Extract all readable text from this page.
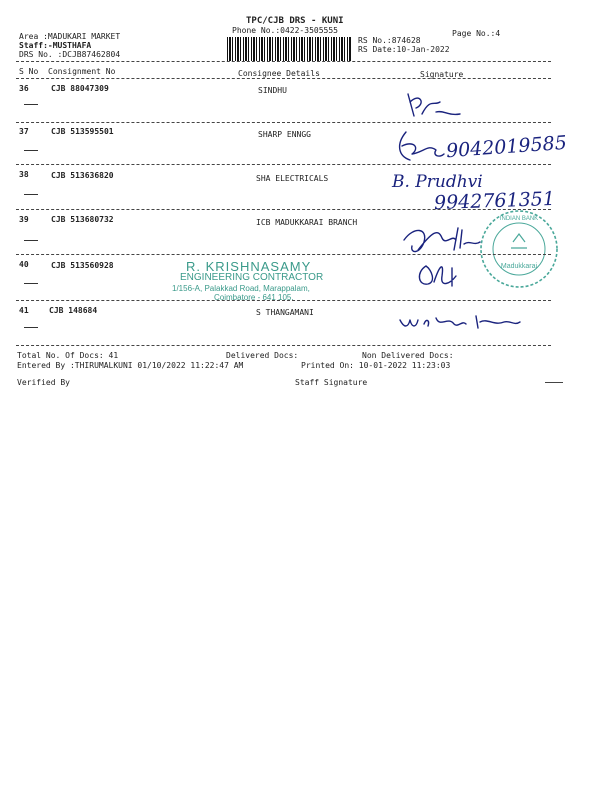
TPC/CJB DRS - KUNI
Phone No.:0422-3505555	Page No.:4
Area :MADUKARI MARKET
Staff:-MUSTHAFA
DRS No. :DCJB87462804
RS No.:874628
RS Date:10-Jan-2022
S No Consignment No	Consignee Details	Signature
36	CJB 88047309	SINDHU
37	CJB 513595501	SHARP ENNGG	9042019585
38	CJB 513636820	SHA ELECTRICALS	B. Prudhvi
9942761351
39	CJB 513680732	ICB MADUKKARAI BRANCH	INDIAN BANK
Madukkarai
40	CJB 513560928	R. KRISHNASAMY
ENGINEERING CONTRACTOR
1/156-A, Palakkad Road, Marappalam,
Coimbatore - 641 105.
41	CJB 148684	S THANGAMANI
Total No. Of Docs: 41	Delivered Docs:	Non Delivered Docs:
Entered By :THIRUMALKUNI 01/10/2022 11:22:47 AM	Printed On: 10-01-2022 11:23:03
Verified By	Staff Signature
